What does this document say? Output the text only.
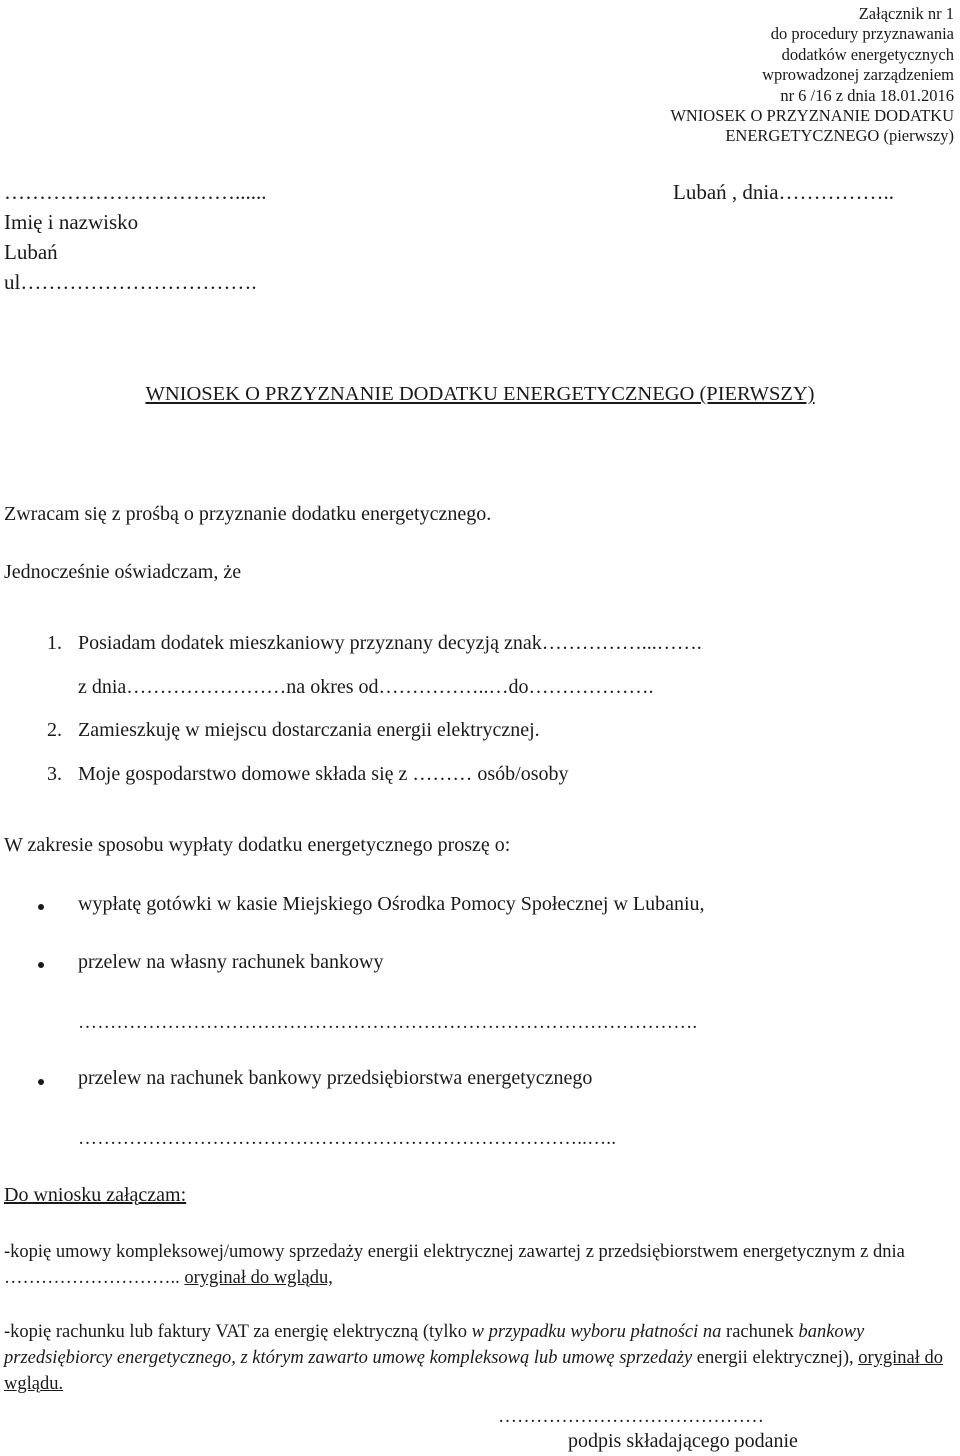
Załącznik nr 1
do procedury przyznawania
dodatków energetycznych
wprowadzonej zarządzeniem
nr 6 /16 z dnia 18.01.2016
WNIOSEK O PRZYZNANIE DODATKU
ENERGETYCZNEGO (pierwszy)
……………………………......
Imię i nazwisko
Lubań
ul…………………………….
Lubań , dnia……………..
WNIOSEK O PRZYZNANIE DODATKU ENERGETYCZNEGO (PIERWSZY)
Zwracam się z prośbą o przyznanie dodatku energetycznego.
Jednocześnie oświadczam, że
1. Posiadam dodatek mieszkaniowy przyznany decyzją znak……………...…….
z dnia……………………na okres od……………..…do……………….
2. Zamieszkuję w miejscu dostarczania energii elektrycznej.
3. Moje gospodarstwo domowe składa się z ……… osób/osoby
W zakresie sposobu wypłaty dodatku energetycznego proszę o:
wypłatę gotówki w kasie Miejskiego Ośrodka Pomocy Społecznej w Lubaniu,
przelew na własny rachunek bankowy
…………………………………………………………………………………….
przelew na rachunek bankowy przedsiębiorstwa energetycznego
……………………………………………………………………..…..
Do wniosku załączam:
-kopię umowy kompleksowej/umowy sprzedaży energii elektrycznej zawartej z przedsiębiorstwem energetycznym z dnia ……………………….. oryginał do wglądu,
-kopię rachunku lub faktury VAT za energię elektryczną (tylko w przypadku wyboru płatności na rachunek bankowy przedsiębiorcy energetycznego, z którym zawarto umowę kompleksową lub umowę sprzedaży energii elektrycznej), oryginał do wglądu.
……………………………………
podpis składającego podanie
